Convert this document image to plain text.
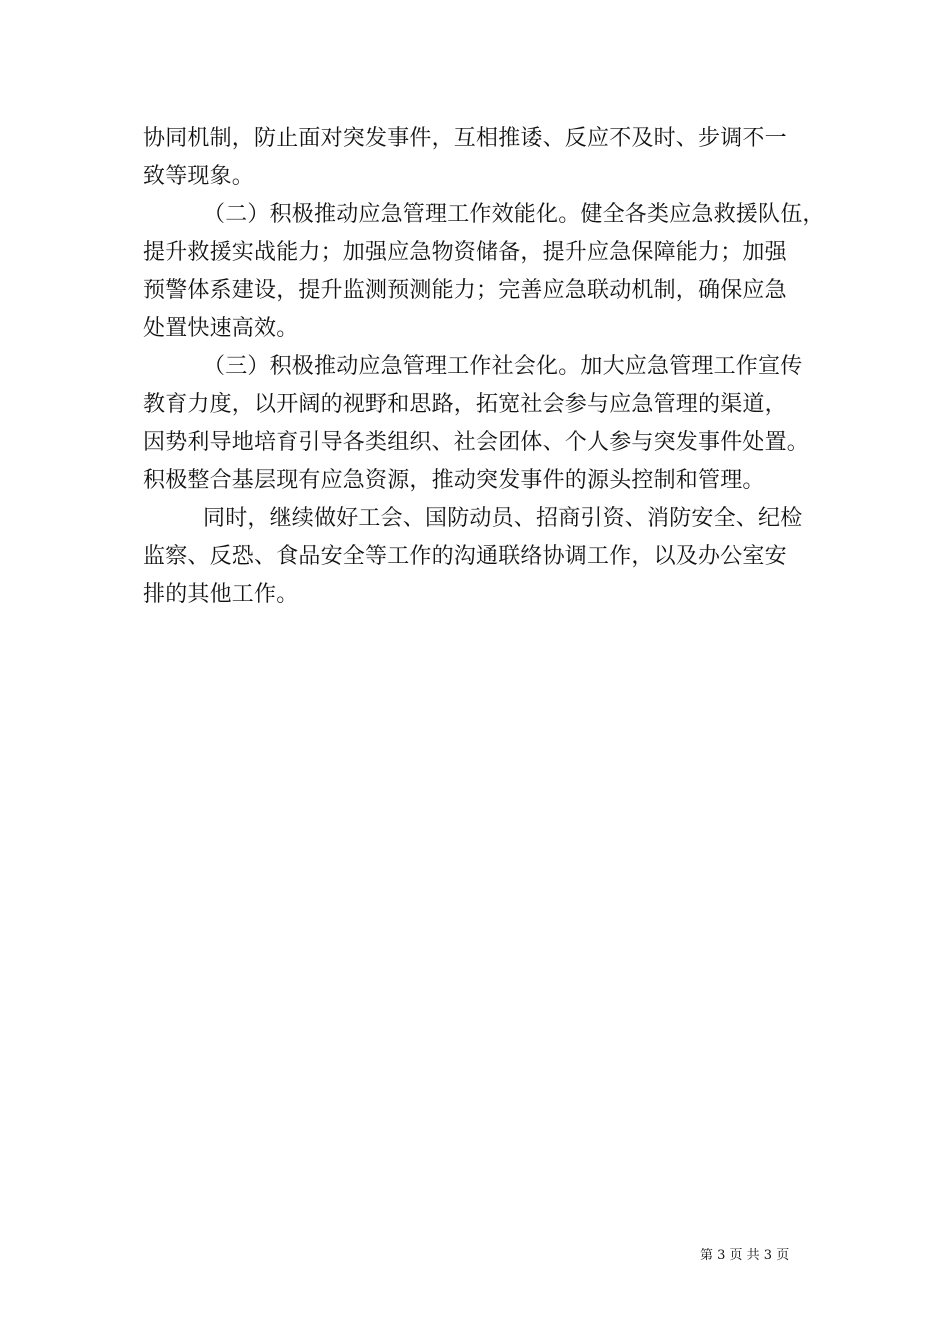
协同机制，防止面对突发事件，互相推诿、反应不及时、步调不一
致等现象。

（二）积极推动应急管理工作效能化。健全各类应急救援队伍，
提升救援实战能力；加强应急物资储备，提升应急保障能力；加强
预警体系建设，提升监测预测能力；完善应急联动机制，确保应急
处置快速高效。

（三）积极推动应急管理工作社会化。加大应急管理工作宣传
教育力度，以开阔的视野和思路，拓宽社会参与应急管理的渠道，
因势利导地培育引导各类组织、社会团体、个人参与突发事件处置。
积极整合基层现有应急资源，推动突发事件的源头控制和管理。

同时，继续做好工会、国防动员、招商引资、消防安全、纪检
监察、反恐、食品安全等工作的沟通联络协调工作，以及办公室安
排的其他工作。

第 3 页 共 3 页
